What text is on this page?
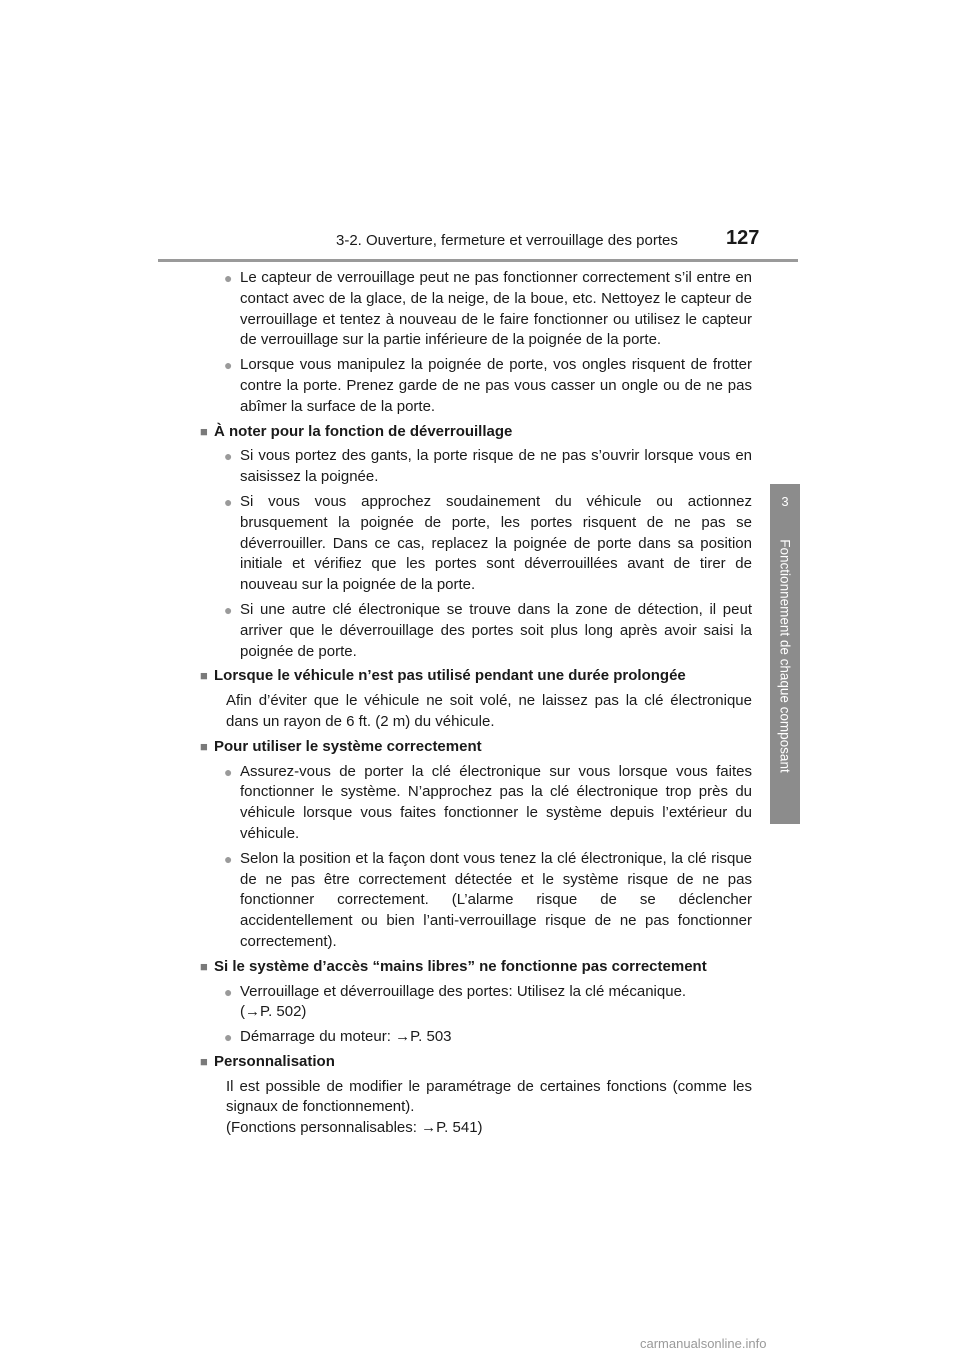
3-2. Ouverture, fermeture et verrouillage des portes 127
3
Fonctionnement de chaque composant
● Le capteur de verrouillage peut ne pas fonctionner correctement s’il entre en contact avec de la glace, de la neige, de la boue, etc. Nettoyez le capteur de verrouillage et tentez à nouveau de le faire fonctionner ou utilisez le capteur de verrouillage sur la partie inférieure de la poignée de la porte.
● Lorsque vous manipulez la poignée de porte, vos ongles risquent de frotter contre la porte. Prenez garde de ne pas vous casser un ongle ou de ne pas abîmer la surface de la porte.
■ À noter pour la fonction de déverrouillage
● Si vous portez des gants, la porte risque de ne pas s’ouvrir lorsque vous en saisissez la poignée.
● Si vous vous approchez soudainement du véhicule ou actionnez brusquement la poignée de porte, les portes risquent de ne pas se déverrouiller. Dans ce cas, replacez la poignée de porte dans sa position initiale et vérifiez que les portes sont déverrouillées avant de tirer de nouveau sur la poignée de la porte.
● Si une autre clé électronique se trouve dans la zone de détection, il peut arriver que le déverrouillage des portes soit plus long après avoir saisi la poignée de porte.
■ Lorsque le véhicule n’est pas utilisé pendant une durée prolongée
Afin d’éviter que le véhicule ne soit volé, ne laissez pas la clé électronique dans un rayon de 6 ft. (2 m) du véhicule.
■ Pour utiliser le système correctement
● Assurez-vous de porter la clé électronique sur vous lorsque vous faites fonctionner le système. N’approchez pas la clé électronique trop près du véhicule lorsque vous faites fonctionner le système depuis l’extérieur du véhicule.
● Selon la position et la façon dont vous tenez la clé électronique, la clé risque de ne pas être correctement détectée et le système risque de ne pas fonctionner correctement. (L’alarme risque de se déclencher accidentellement ou bien l’anti-verrouillage risque de ne pas fonctionner correctement).
■ Si le système d’accès “mains libres” ne fonctionne pas correctement
● Verrouillage et déverrouillage des portes: Utilisez la clé mécanique.
(→P. 502)
● Démarrage du moteur: →P. 503
■ Personnalisation
Il est possible de modifier le paramétrage de certaines fonctions (comme les signaux de fonctionnement).
(Fonctions personnalisables: →P. 541)
carmanualsonline.info
